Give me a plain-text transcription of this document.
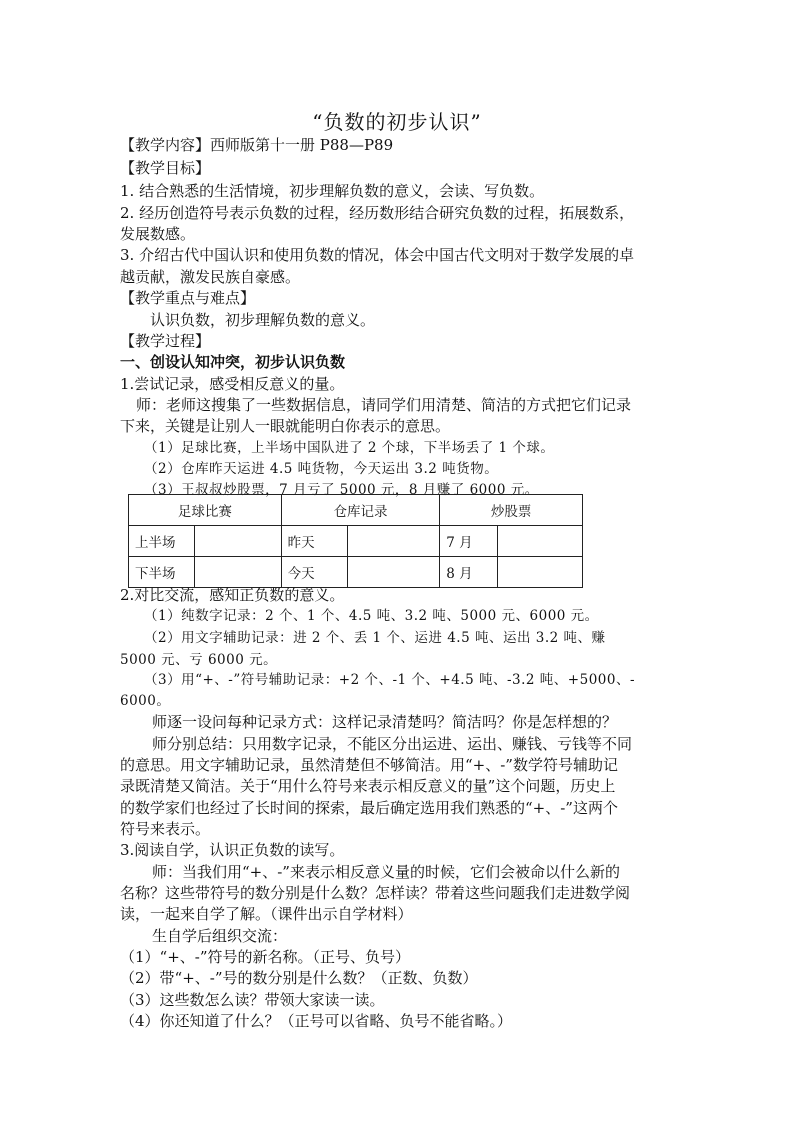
“负数的初步认识”
【教学内容】西师版第十一册 P88—P89
【教学目标】
1. 结合熟悉的生活情境，初步理解负数的意义，会读、写负数。
2. 经历创造符号表示负数的过程，经历数形结合研究负数的过程，拓展数系，
发展数感。
3. 介绍古代中国认识和使用负数的情况，体会中国古代文明对于数学发展的卓
越贡献，激发民族自豪感。
【教学重点与难点】
认识负数，初步理解负数的意义。
【教学过程】
一、创设认知冲突，初步认识负数
1.尝试记录，感受相反意义的量。
师：老师这搜集了一些数据信息，请同学们用清楚、简洁的方式把它们记录
下来，关键是让别人一眼就能明白你表示的意思。
（1）足球比赛，上半场中国队进了 2 个球，下半场丢了 1 个球。
（2）仓库昨天运进 4.5 吨货物，今天运出 3.2 吨货物。
（3）王叔叔炒股票，7 月亏了 5000 元，8 月赚了 6000 元。
足球比赛		仓库记录		炒股票	
上半场		昨天		7 月	
下半场		今天		8 月	
2.对比交流，感知正负数的意义。
（1）纯数字记录：2 个、1 个、4.5 吨、3.2 吨、5000 元、6000 元。
（2）用文字辅助记录：进 2 个、丢 1 个、运进 4.5 吨、运出 3.2 吨、赚
5000 元、亏 6000 元。
（3）用“+、-”符号辅助记录：+2 个、-1 个、+4.5 吨、-3.2 吨、+5000、-
6000。
师逐一设问每种记录方式：这样记录清楚吗？简洁吗？你是怎样想的？
师分别总结：只用数字记录，不能区分出运进、运出、赚钱、亏钱等不同
的意思。用文字辅助记录，虽然清楚但不够简洁。用“+、-”数学符号辅助记
录既清楚又简洁。关于“用什么符号来表示相反意义的量”这个问题，历史上
的数学家们也经过了长时间的探索，最后确定选用我们熟悉的“+、-”这两个
符号来表示。
3.阅读自学，认识正负数的读写。
师：当我们用“+、-”来表示相反意义量的时候，它们会被命以什么新的
名称？这些带符号的数分别是什么数？怎样读？带着这些问题我们走进数学阅
读，一起来自学了解。（课件出示自学材料）
生自学后组织交流：
（1）“+、-”符号的新名称。（正号、负号）
（2）带“+、-”号的数分别是什么数？（正数、负数）
（3）这些数怎么读？带领大家读一读。
（4）你还知道了什么？（正号可以省略、负号不能省略。）
